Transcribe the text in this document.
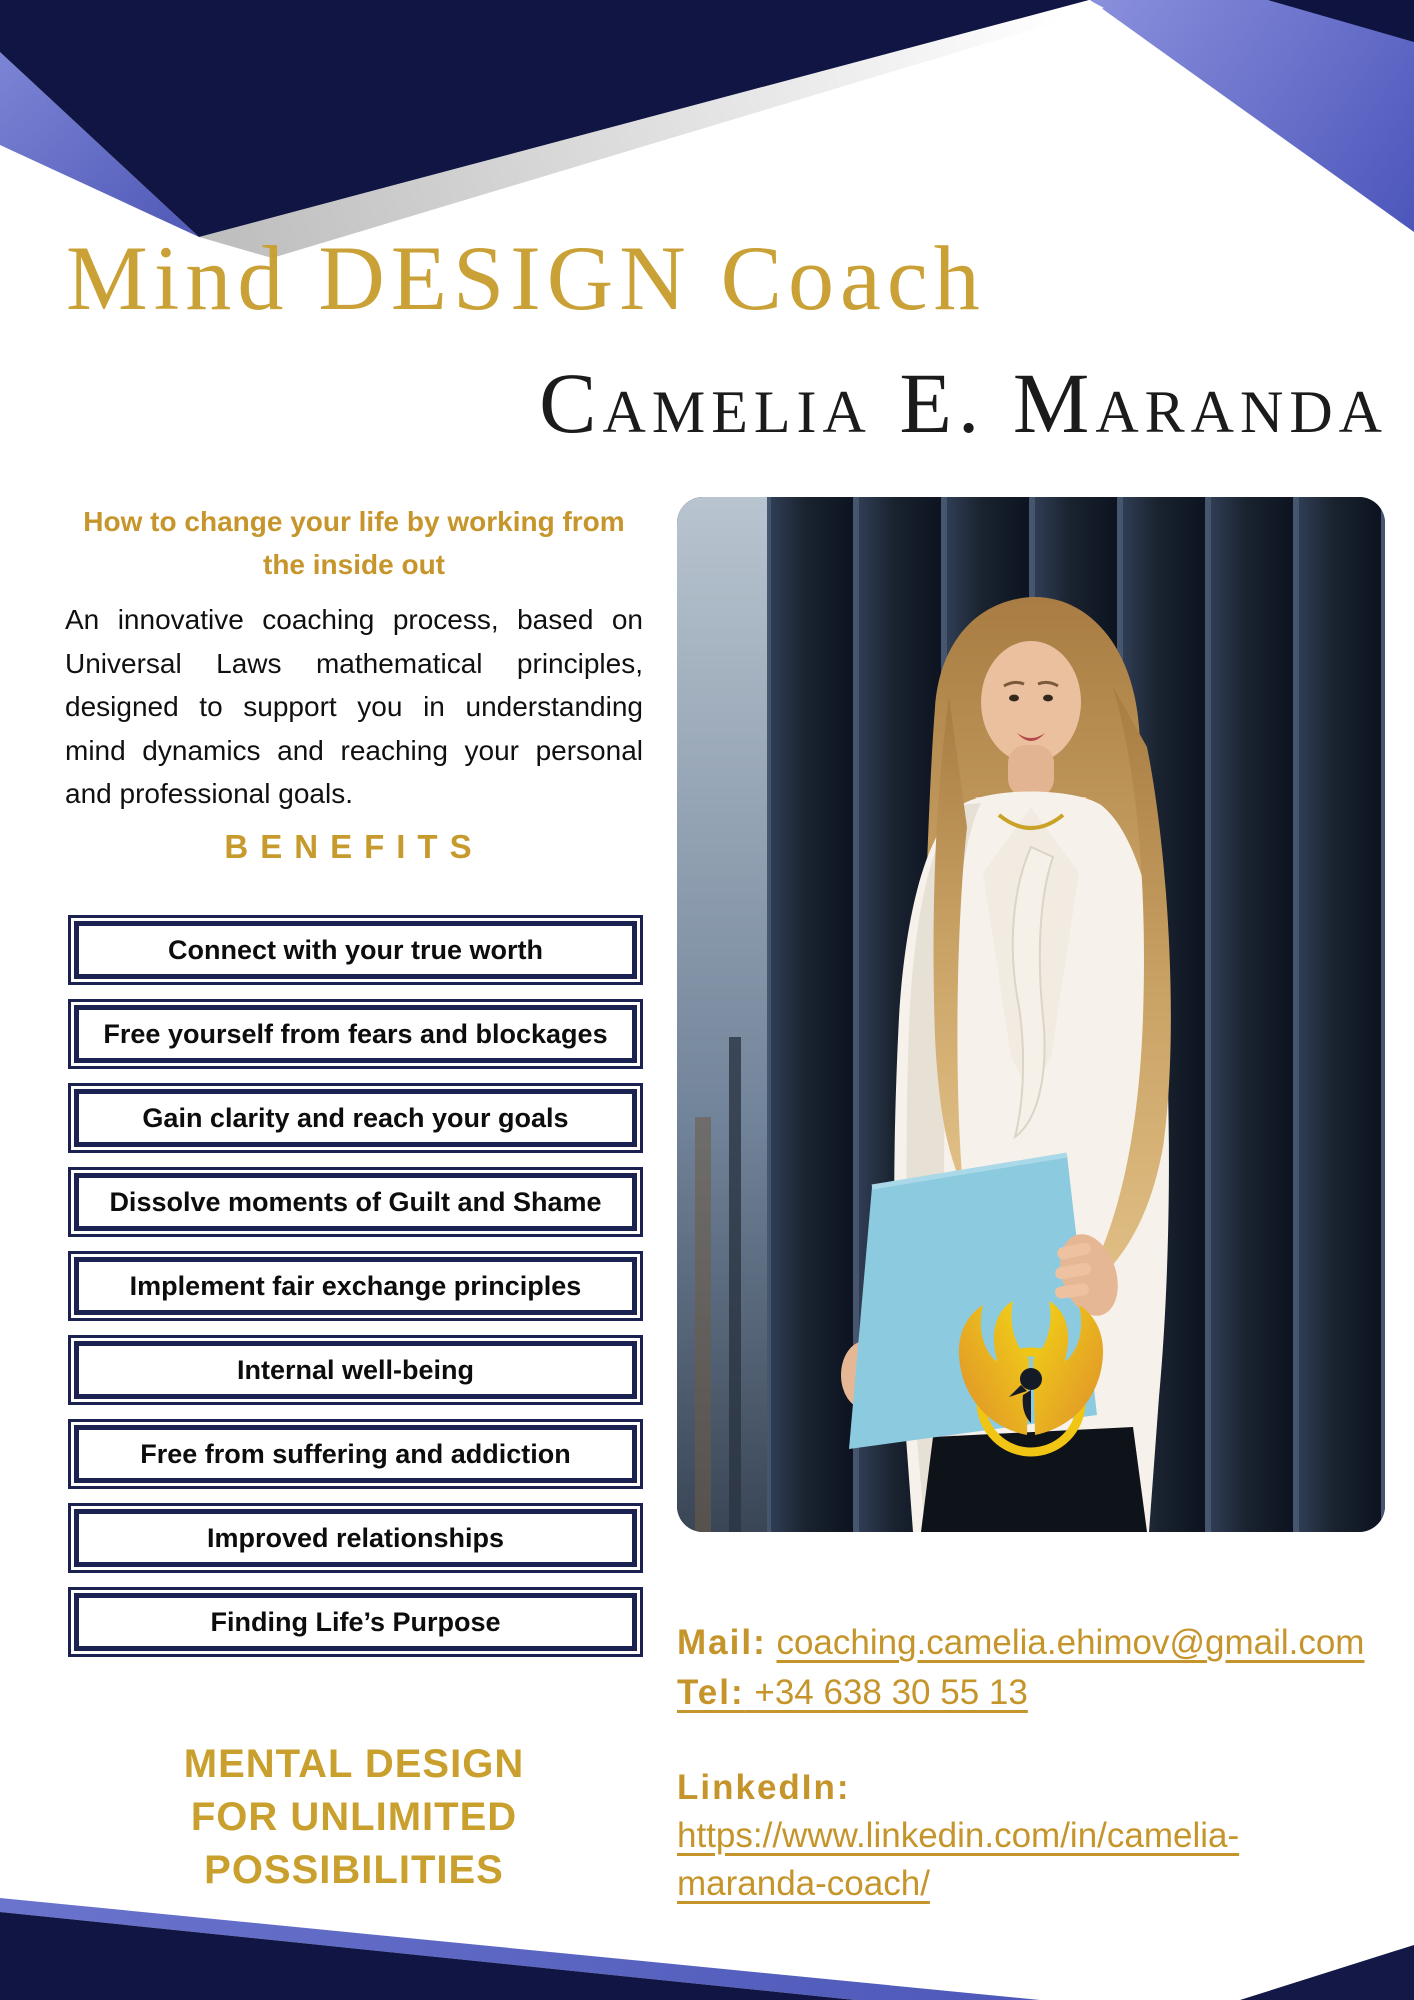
Mind DESIGN Coach
Camelia E. Maranda
How to change your life by working from the inside out
An innovative coaching process, based on Universal Laws mathematical principles, designed to support you in understanding mind dynamics and reaching your personal and professional goals.
BENEFITS
Connect with your true worth
Free yourself from fears and blockages
Gain clarity and reach your goals
Dissolve moments of Guilt and Shame
Implement fair exchange principles
Internal well-being
Free from suffering and addiction
Improved relationships
Finding Life’s Purpose
MENTAL DESIGN
FOR UNLIMITED
POSSIBILITIES
Mail: coaching.camelia.ehimov@gmail.com
Tel: +34 638 30 55 13
LinkedIn:
https://www.linkedin.com/in/camelia-
maranda-coach/
